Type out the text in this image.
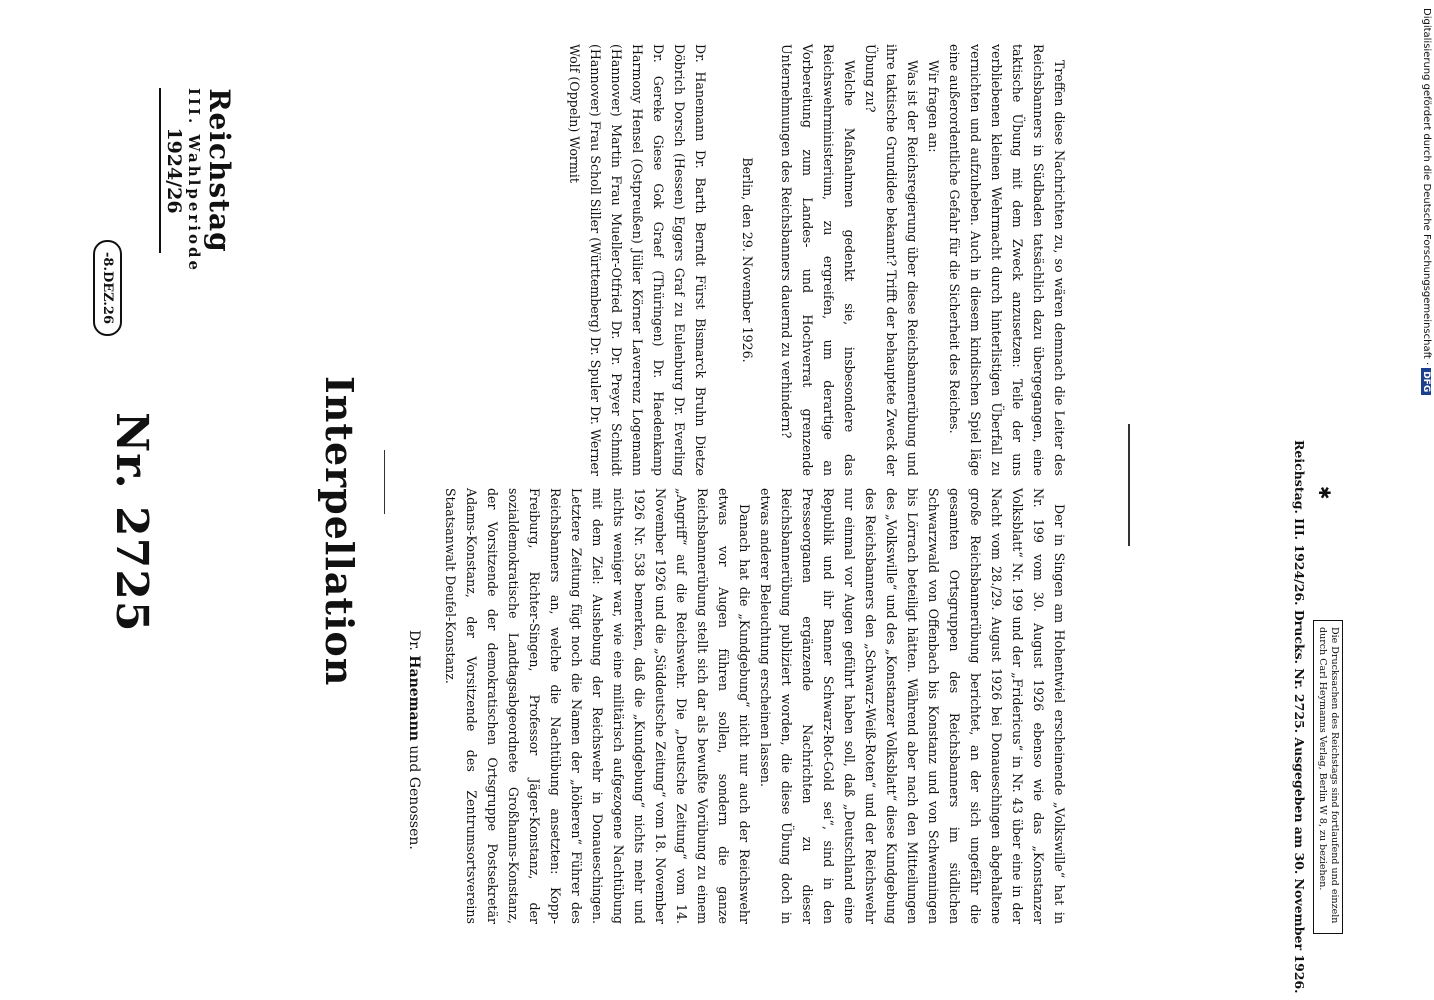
Nr. 2725
-8.DEZ.26
Reichstag
III. Wahlperiode
1924/26
Interpellation	Dr. Hanemann und Genossen.	Der in Singen am Hohentwiel erscheinende „Volkswille“ hat in Nr. 199 vom 30. August 1926 ebenso wie das „Konstanzer Volksblatt“ Nr. 199 und der „Fridericus“ in Nr. 43 über eine in der Nacht vom 28./29. August 1926 bei Donaueschingen abgehaltene große Reichsbannerübung berichtet, an der sich ungefähr die gesamten Ortsgruppen des Reichsbanners im südlichen Schwarzwald von Offenbach bis Konstanz und von Schwenningen bis Lörrach beteiligt hätten. Während aber nach den Mitteilungen des „Volkswille“ und des „Konstanzer Volksblatt“ diese Kundgebung des Reichsbanners den „Schwarz-Weiß-Roten“ und der Reichswehr nur einmal vor Augen geführt haben soll, daß „Deutschland eine Republik und ihr Banner Schwarz-Rot-Gold sei“, sind in den Presseorganen ergänzende Nachrichten zu dieser Reichsbannerübung publiziert worden, die diese Übung doch in etwas anderer Beleuchtung erscheinen lassen.

Danach hat die „Kundgebung“ nicht nur auch der Reichswehr etwas vor Augen führen sollen, sondern die ganze Reichsbannerübung stellt sich dar als bewußte Vorübung zu einem „Angriff“ auf die Reichswehr. Die „Deutsche Zeitung“ vom 14. November 1926 und die „Süddeutsche Zeitung“ vom 18. November 1926 Nr. 538 bemerken, daß die „Kundgebung“ nichts mehr und nichts weniger war, wie eine militärisch aufgezogene Nachtübung mit dem Ziel: Aushebung der Reichswehr in Donaueschingen. Letztere Zeitung fügt noch die Namen der „höheren“ Führer des Reichsbanners an, welche die Nachtübung ansetzten: Kopp-Freiburg, Richter-Singen, Professor Jäger-Konstanz, der sozialdemokratische Landtagsabgeordnete Großhanns-Konstanz, der Vorsitzende der demokratischen Ortsgruppe Postsekretär Adams-Konstanz, der Vorsitzende des Zentrumsortsvereins Staatsanwalt Deufel-Konstanz.

Treffen diese Nachrichten zu, so wären demnach die Leiter des Reichsbanners in Südbaden tatsächlich dazu übergegangen, eine taktische Übung mit dem Zweck anzusetzen: Teile der uns verbliebenen kleinen Wehrmacht durch hinterlistigen Überfall zu vernichten und aufzuheben. Auch in diesem kindischen Spiel läge eine außerordentliche Gefahr für die Sicherheit des Reiches.

Wir fragen an:

Was ist der Reichsregierung über diese Reichsbannerübung und ihre taktische Grundidee bekannt? Trifft der behauptete Zweck der Übung zu?

Welche Maßnahmen gedenkt sie, insbesondere das Reichswehrministerium, zu ergreifen, um derartige an Vorbereitung zum Landes- und Hochverrat grenzende Unternehmungen des Reichsbanners dauernd zu verhindern?

Berlin, den 29. November 1926.

Dr. Hanemann Dr. Barth Berndt Fürst Bismarck Bruhn Dietze Döbrich Dorsch (Hessen) Eggers Graf zu Eulenburg Dr. Everling Dr. Gereke Giese Gok Graef (Thüringen) Dr. Haedenkamp Harmony Hensel (Ostpreußen) Jülier Körner Laverrenz Logemann (Hannover) Martin Frau Mueller-Otfried Dr. Dr. Preyer Schmidt (Hannover) Frau Scholl Siller (Württemberg) Dr. Spuler Dr. Werner Wolf (Oppeln) Wormit

Reichstag. III. 1924/26. Drucks. Nr. 2725. Ausgegeben am 30. November 1926.	Die Drucksachen des Reichstags sind fortlaufend und einzeln durch Carl Heymanns Verlag, Berlin W 8, zu beziehen.
✱
Digitalisierung gefördert durch die Deutsche Forschungsgemeinschaft ·DFG
